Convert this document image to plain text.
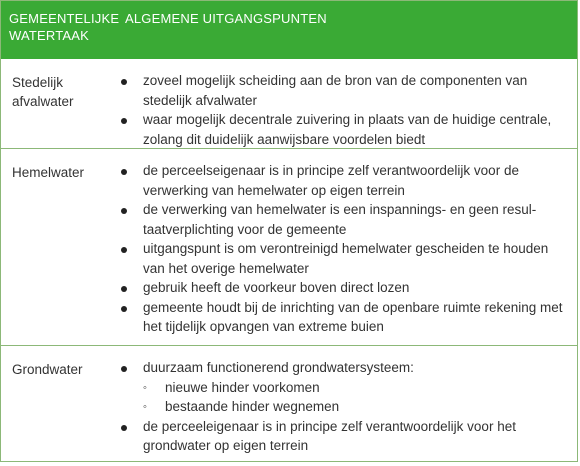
GEMEENTELIJKE WATERTAAK
ALGEMENE UITGANGSPUNTEN
Stedelijk afvalwater
zoveel mogelijk scheiding aan de bron van de componenten van stedelijk afvalwater
waar mogelijk decentrale zuivering in plaats van de huidige centrale, zolang dit duidelijk aanwijsbare voordelen biedt
Hemelwater	de perceelseigenaar is in principe zelf verantwoordelijk voor de verwerking van hemelwater op eigen terrein
de verwerking van hemelwater is een inspannings- en geen resultaatverplichting voor de gemeente
uitgangspunt is om verontreinigd hemelwater gescheiden te houden van het overige hemelwater
gebruik heeft de voorkeur boven direct lozen
gemeente houdt bij de inrichting van de openbare ruimte rekening met het tijdelijk opvangen van extreme buien
Grondwater	duurzaam functionerend grondwatersysteem:
◦ nieuwe hinder voorkomen
◦ bestaande hinder wegnemen
de perceeleigenaar is in principe zelf verantwoordelijk voor het grondwater op eigen terrein
